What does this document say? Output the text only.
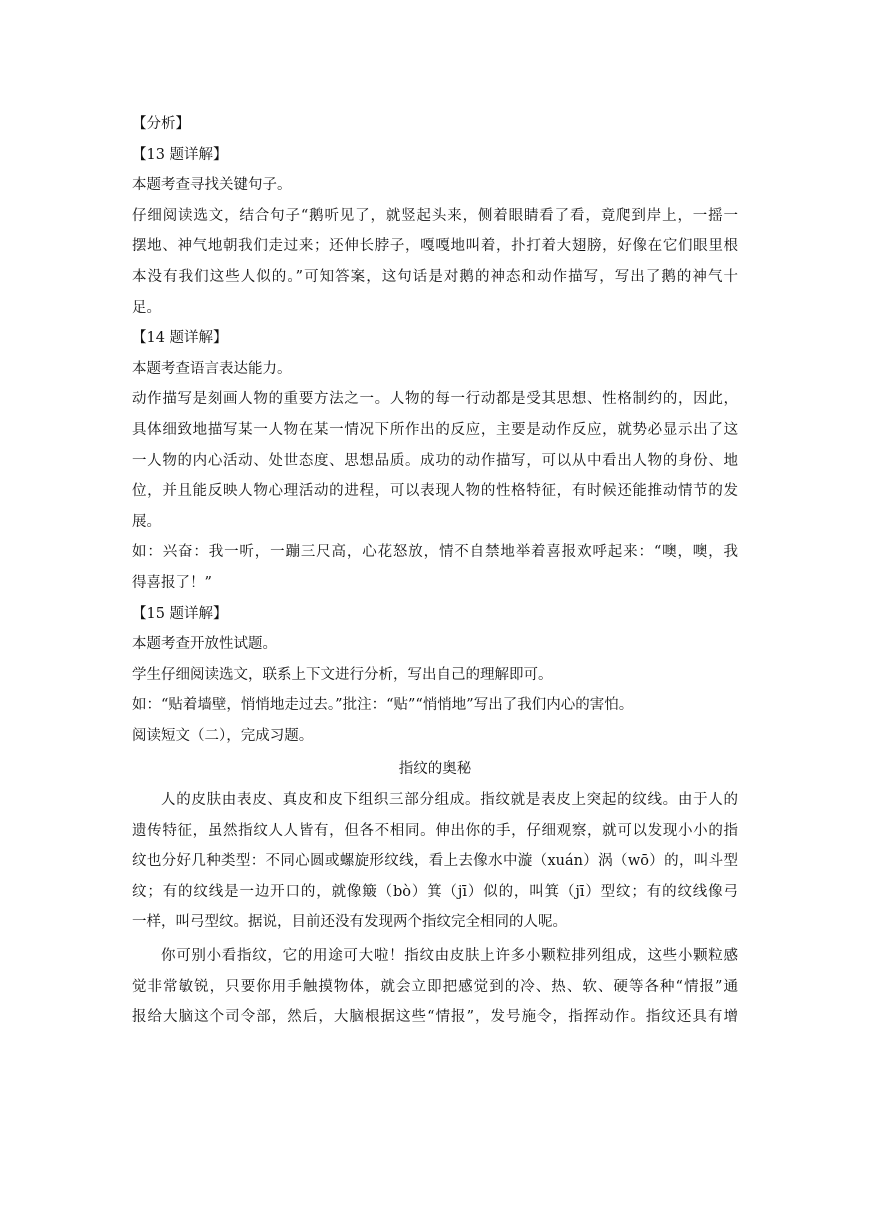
【分析】
【13 题详解】
本题考查寻找关键句子。
仔细阅读选文，结合句子“鹅听见了，就竖起头来，侧着眼睛看了看，竟爬到岸上，一摇一
摆地、神气地朝我们走过来；还伸长脖子，嘎嘎地叫着，扑打着大翅膀，好像在它们眼里根
本没有我们这些人似的。”可知答案，这句话是对鹅的神态和动作描写，写出了鹅的神气十
足。
【14 题详解】
本题考查语言表达能力。
动作描写是刻画人物的重要方法之一。人物的每一行动都是受其思想、性格制约的，因此，
具体细致地描写某一人物在某一情况下所作出的反应，主要是动作反应，就势必显示出了这
一人物的内心活动、处世态度、思想品质。成功的动作描写，可以从中看出人物的身份、地
位，并且能反映人物心理活动的进程，可以表现人物的性格特征，有时候还能推动情节的发
展。
如：兴奋：我一听，一蹦三尺高，心花怒放，情不自禁地举着喜报欢呼起来：“噢，噢，我
得喜报了！”
【15 题详解】
本题考查开放性试题。
学生仔细阅读选文，联系上下文进行分析，写出自己的理解即可。
如：“贴着墙壁，悄悄地走过去。”批注：“贴”“悄悄地”写出了我们内心的害怕。
阅读短文（二），完成习题。
指纹的奥秘
人的皮肤由表皮、真皮和皮下组织三部分组成。指纹就是表皮上突起的纹线。由于人的
遗传特征，虽然指纹人人皆有，但各不相同。伸出你的手，仔细观察，就可以发现小小的指
纹也分好几种类型：不同心圆或螺旋形纹线，看上去像水中漩（xuán）涡（wō）的，叫斗型
纹；有的纹线是一边开口的，就像簸（bò）箕（jī）似的，叫箕（jī）型纹；有的纹线像弓
一样，叫弓型纹。据说，目前还没有发现两个指纹完全相同的人呢。
你可别小看指纹，它的用途可大啦！指纹由皮肤上许多小颗粒排列组成，这些小颗粒感
觉非常敏锐，只要你用手触摸物体，就会立即把感觉到的冷、热、软、硬等各种“情报”通
报给大脑这个司令部，然后，大脑根据这些“情报”，发号施令，指挥动作。指纹还具有增
